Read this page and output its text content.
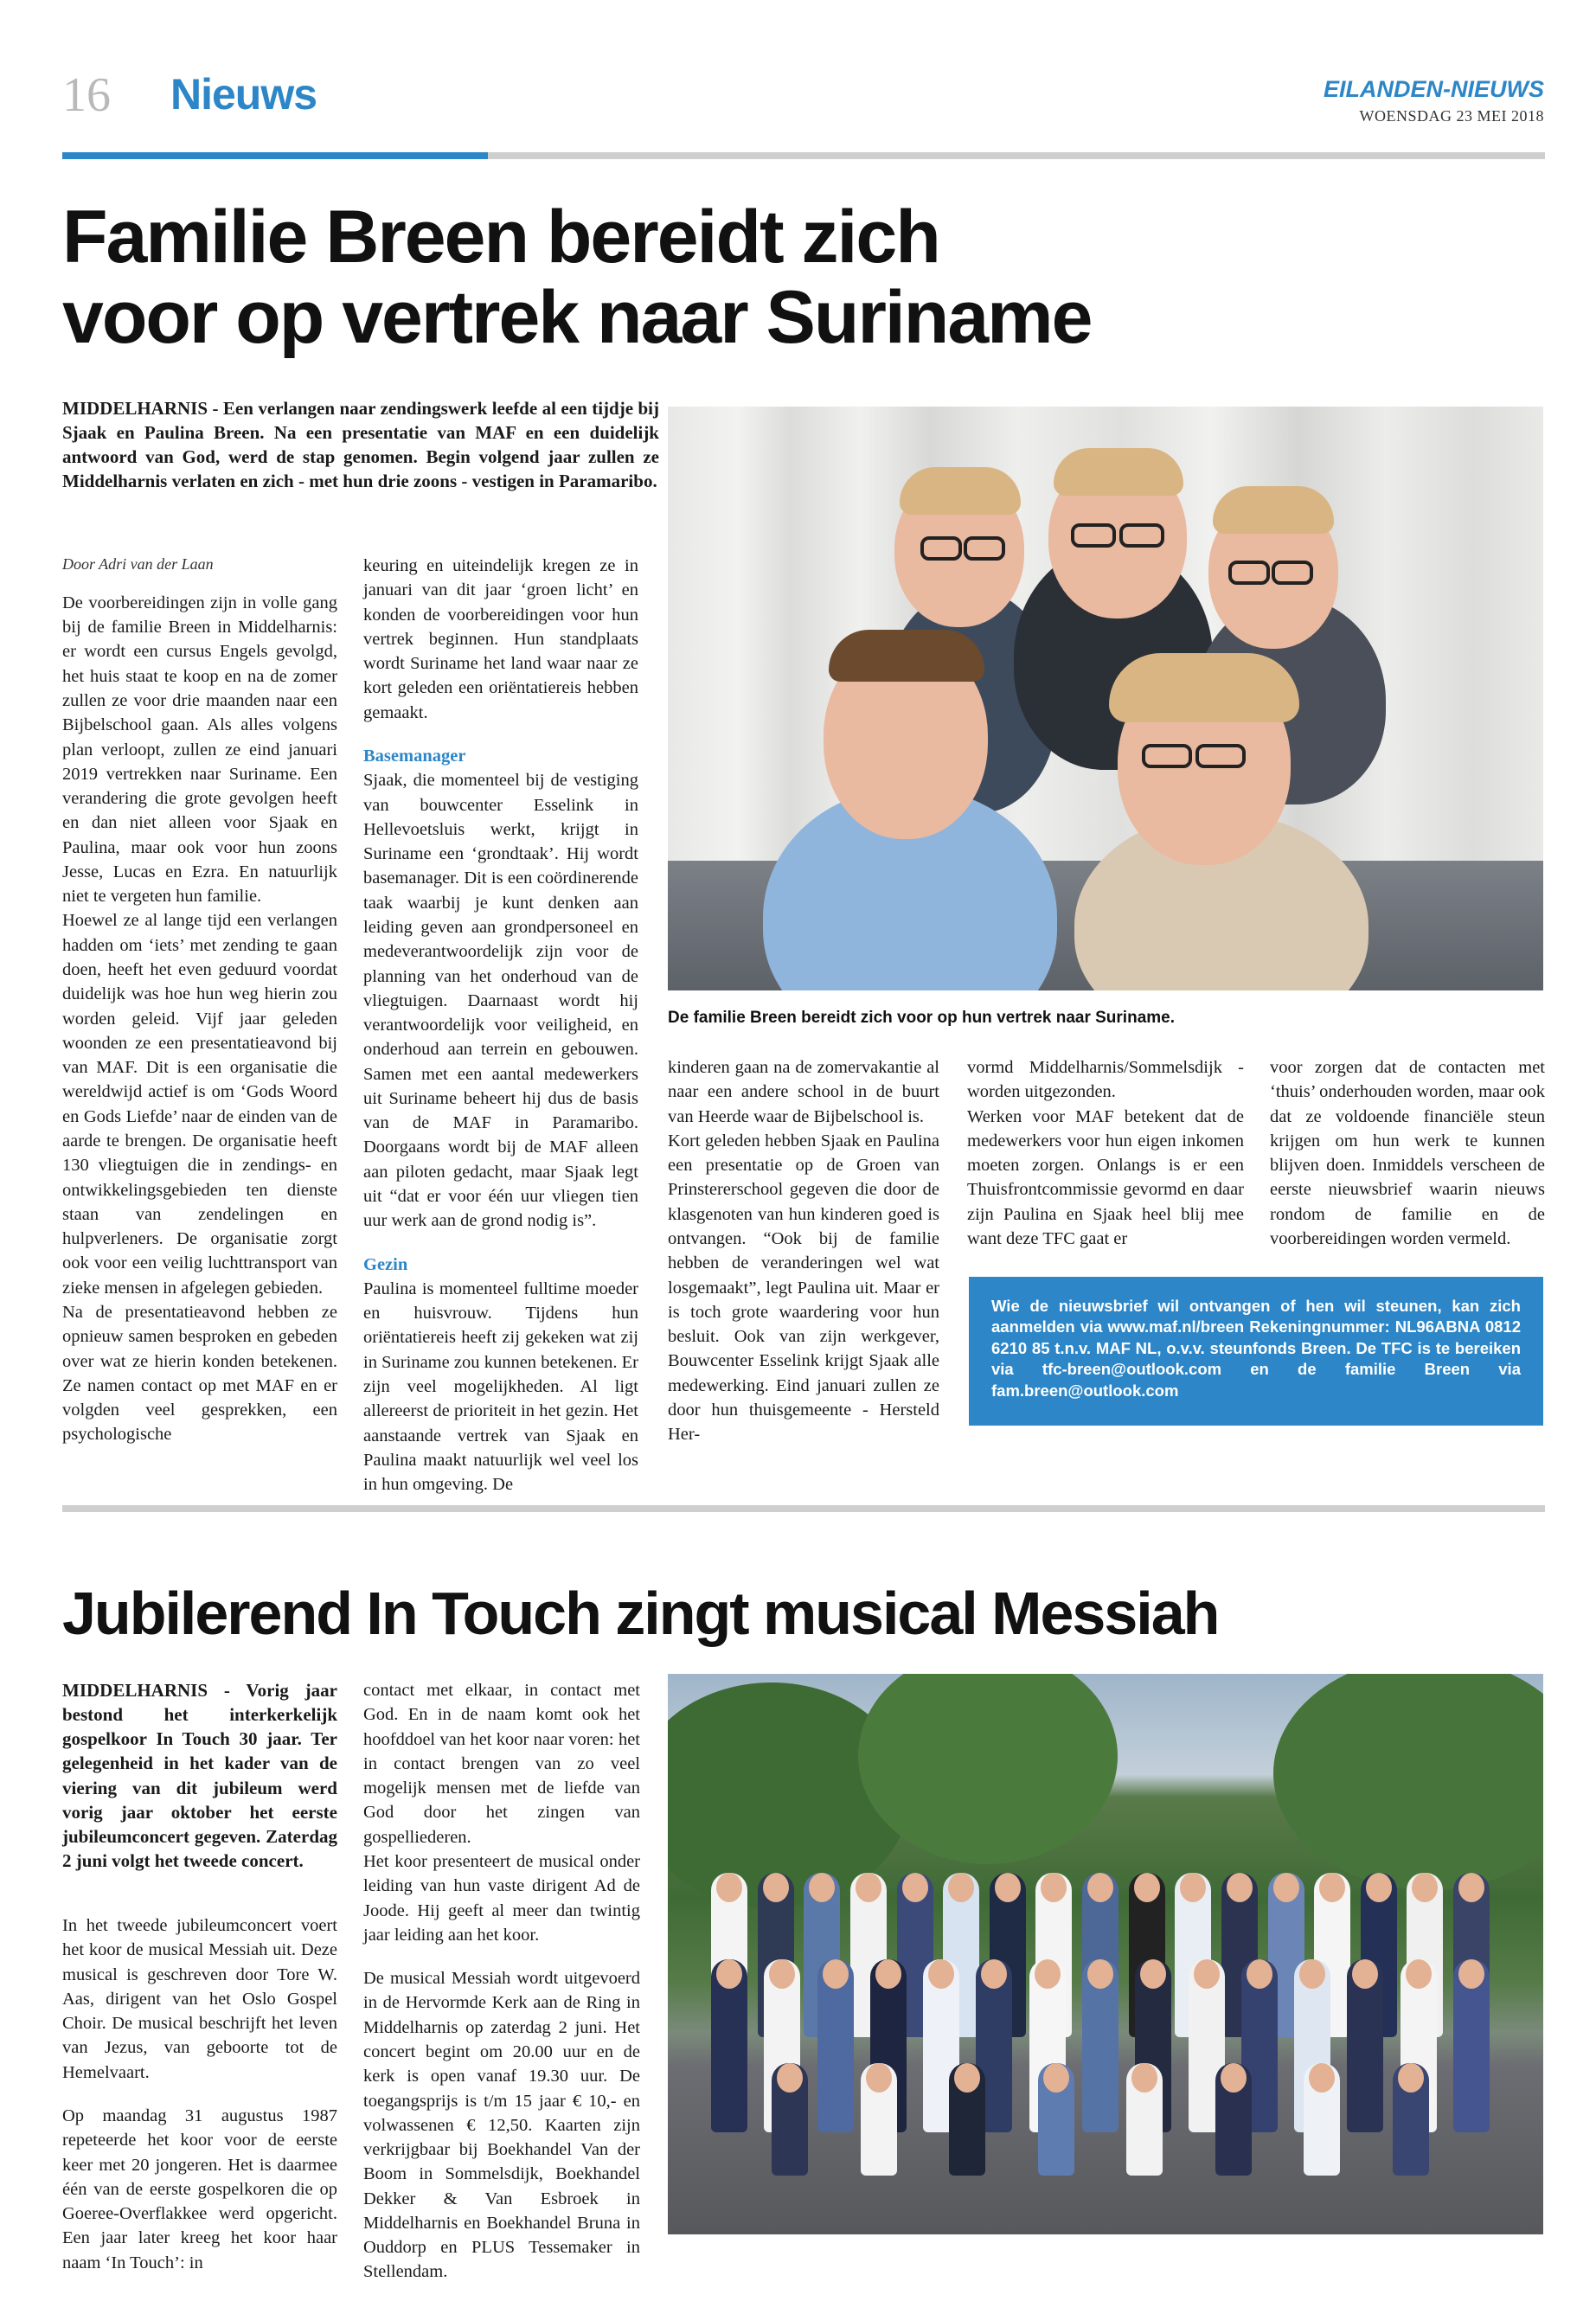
16 Nieuws	EILANDEN-NIEUWS
WOENSDAG 23 MEI 2018
Familie Breen bereidt zich
voor op vertrek naar Suriname
MIDDELHARNIS - Een verlangen naar zendingswerk leefde al een tijdje bij Sjaak en Paulina Breen. Na een presentatie van MAF en een duidelijk antwoord van God, werd de stap genomen. Begin volgend jaar zullen ze Middelharnis verlaten en zich - met hun drie zoons - vestigen in Paramaribo.

Door Adri van der Laan

De voorbereidingen zijn in volle gang bij de familie Breen in Middelharnis: er wordt een cursus Engels gevolgd, het huis staat te koop en na de zomer zullen ze voor drie maanden naar een Bijbelschool gaan. Als alles volgens plan verloopt, zullen ze eind januari 2019 vertrekken naar Suriname. Een verandering die grote gevolgen heeft en dan niet alleen voor Sjaak en Paulina, maar ook voor hun zoons Jesse, Lucas en Ezra. En natuurlijk niet te vergeten hun familie.

Hoewel ze al lange tijd een verlangen hadden om ‘iets’ met zending te gaan doen, heeft het even geduurd voordat duidelijk was hoe hun weg hierin zou worden geleid. Vijf jaar geleden woonden ze een presentatieavond bij van MAF. Dit is een organisatie die wereldwijd actief is om ‘Gods Woord en Gods Liefde’ naar de einden van de aarde te brengen. De organisatie heeft 130 vliegtuigen die in zendings- en ontwikkelingsgebieden ten dienste staan van zendelingen en hulpverleners. De organisatie zorgt ook voor een veilig luchttransport van zieke mensen in afgelegen gebieden.

Na de presentatieavond hebben ze opnieuw samen besproken en gebeden over wat ze hierin konden betekenen. Ze namen contact op met MAF en er volgden veel gesprekken, een psychologische

keuring en uiteindelijk kregen ze in januari van dit jaar ‘groen licht’ en konden de voorbereidingen voor hun vertrek beginnen. Hun standplaats wordt Suriname het land waar naar ze kort geleden een oriëntatiereis hebben gemaakt.

Basemanager

Sjaak, die momenteel bij de vestiging van bouwcenter Esselink in Hellevoetsluis werkt, krijgt in Suriname een ‘grondtaak’. Hij wordt basemanager. Dit is een coördinerende taak waarbij je kunt denken aan leiding geven aan grondpersoneel en medeverantwoordelijk zijn voor de planning van het onderhoud van de vliegtuigen. Daarnaast wordt hij verantwoordelijk voor veiligheid, en onderhoud aan terrein en gebouwen. Samen met een aantal medewerkers uit Suriname beheert hij dus de basis van de MAF in Paramaribo. Doorgaans wordt bij de MAF alleen aan piloten gedacht, maar Sjaak legt uit “dat er voor één uur vliegen tien uur werk aan de grond nodig is”.

Gezin

Paulina is momenteel fulltime moeder en huisvrouw. Tijdens hun oriëntatiereis heeft zij gekeken wat zij in Suriname zou kunnen betekenen. Er zijn veel mogelijkheden. Al ligt allereerst de prioriteit in het gezin. Het aanstaande vertrek van Sjaak en Paulina maakt natuurlijk wel veel los in hun omgeving. De

De familie Breen bereidt zich voor op hun vertrek naar Suriname.

kinderen gaan na de zomervakantie al naar een andere school in de buurt van Heerde waar de Bijbelschool is.

Kort geleden hebben Sjaak en Paulina een presentatie op de Groen van Prinstererschool gegeven die door de klasgenoten van hun kinderen goed is ontvangen. “Ook bij de familie hebben de veranderingen wel wat losgemaakt”, legt Paulina uit. Maar er is toch grote waardering voor hun besluit. Ook van zijn werkgever, Bouwcenter Esselink krijgt Sjaak alle medewerking. Eind januari zullen ze door hun thuisgemeente - Hersteld Her-

vormd Middelharnis/Sommelsdijk - worden uitgezonden.

Werken voor MAF betekent dat de medewerkers voor hun eigen inkomen moeten zorgen. Onlangs is er een Thuisfrontcommissie gevormd en daar zijn Paulina en Sjaak heel blij mee want deze TFC gaat er

voor zorgen dat de contacten met ‘thuis’ onderhouden worden, maar ook dat ze voldoende financiële steun krijgen om hun werk te kunnen blijven doen. Inmiddels verscheen de eerste nieuwsbrief waarin nieuws rondom de familie en de voorbereidingen worden vermeld.

Wie de nieuwsbrief wil ontvangen of hen wil steunen, kan zich aanmelden via www.maf.nl/breen Rekeningnummer: NL96ABNA 0812 6210 85 t.n.v. MAF NL, o.v.v. steunfonds Breen. De TFC is te bereiken via tfc-breen@outlook.com en de familie Breen via fam.breen@outlook.com
Jubilerend In Touch zingt musical Messiah
MIDDELHARNIS - Vorig jaar bestond het interkerkelijk gospelkoor In Touch 30 jaar. Ter gelegenheid in het kader van de viering van dit jubileum werd vorig jaar oktober het eerste jubileumconcert gegeven. Zaterdag 2 juni volgt het tweede concert.

In het tweede jubileumconcert voert het koor de musical Messiah uit. Deze musical is geschreven door Tore W. Aas, dirigent van het Oslo Gospel Choir. De musical beschrijft het leven van Jezus, van geboorte tot de Hemelvaart.

Op maandag 31 augustus 1987 repeteerde het koor voor de eerste keer met 20 jongeren. Het is daarmee één van de eerste gospelkoren die op Goeree-Overflakkee werd opgericht. Een jaar later kreeg het koor haar naam ‘In Touch’: in

contact met elkaar, in contact met God. En in de naam komt ook het hoofddoel van het koor naar voren: het in contact brengen van zo veel mogelijk mensen met de liefde van God door het zingen van gospelliederen.

Het koor presenteert de musical onder leiding van hun vaste dirigent Ad de Joode. Hij geeft al meer dan twintig jaar leiding aan het koor.

De musical Messiah wordt uitgevoerd in de Hervormde Kerk aan de Ring in Middelharnis op zaterdag 2 juni. Het concert begint om 20.00 uur en de kerk is open vanaf 19.30 uur. De toegangsprijs is t/m 15 jaar € 10,- en volwassenen € 12,50. Kaarten zijn verkrijgbaar bij Boekhandel Van der Boom in Sommelsdijk, Boekhandel Dekker & Van Esbroek in Middelharnis en Boekhandel Bruna in Ouddorp en PLUS Tessemaker in Stellendam.
